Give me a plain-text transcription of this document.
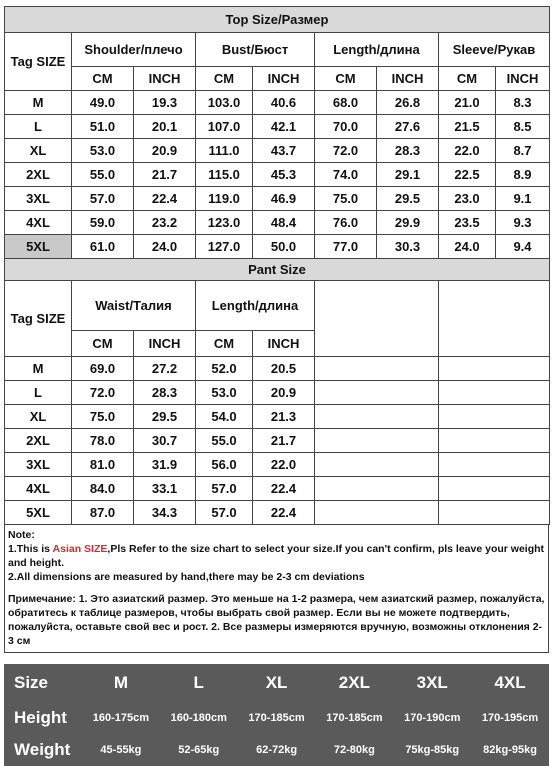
Top Size/Размер								
Tag SIZE	Shoulder/плечо		Bust/Бюст		Length/длина		Sleeve/Рукав	
	CM	INCH	CM	INCH	CM	INCH	CM	INCH
M	49.0	19.3	103.0	40.6	68.0	26.8	21.0	8.3
L	51.0	20.1	107.0	42.1	70.0	27.6	21.5	8.5
XL	53.0	20.9	111.0	43.7	72.0	28.3	22.0	8.7
2XL	55.0	21.7	115.0	45.3	74.0	29.1	22.5	8.9
3XL	57.0	22.4	119.0	46.9	75.0	29.5	23.0	9.1
4XL	59.0	23.2	123.0	48.4	76.0	29.9	23.5	9.3
5XL	61.0	24.0	127.0	50.0	77.0	30.3	24.0	9.4
Pant Size								
Tag SIZE	Waist/Талия		Length/длина					
	CM	INCH	CM	INCH				
M	69.0	27.2	52.0	20.5				
L	72.0	28.3	53.0	20.9				
XL	75.0	29.5	54.0	21.3				
2XL	78.0	30.7	55.0	21.7				
3XL	81.0	31.9	56.0	22.0				
4XL	84.0	33.1	57.0	22.4				
5XL	87.0	34.3	57.0	22.4				

Note:

1.This is Asian SIZE,Pls Refer to the size chart to select your size.If you can't confirm, pls leave your weight and height.

2.All dimensions are measured by hand,there may be 2-3 cm deviations

Примечание: 1. Это азиатский размер. Это меньше на 1-2 размера, чем азиатский размер, пожалуйста, обратитесь к таблице размеров, чтобы выбрать свой размер. Если вы не можете подтвердить, пожалуйста, оставьте свой вес и рост. 2. Все размеры измеряются вручную, возможны отклонения 2-3 см

Size	M	L	XL	2XL	3XL	4XL
Height	160-175cm	160-180cm	170-185cm	170-185cm	170-190cm	170-195cm
Weight	45-55kg	52-65kg	62-72kg	72-80kg	75kg-85kg	82kg-95kg
